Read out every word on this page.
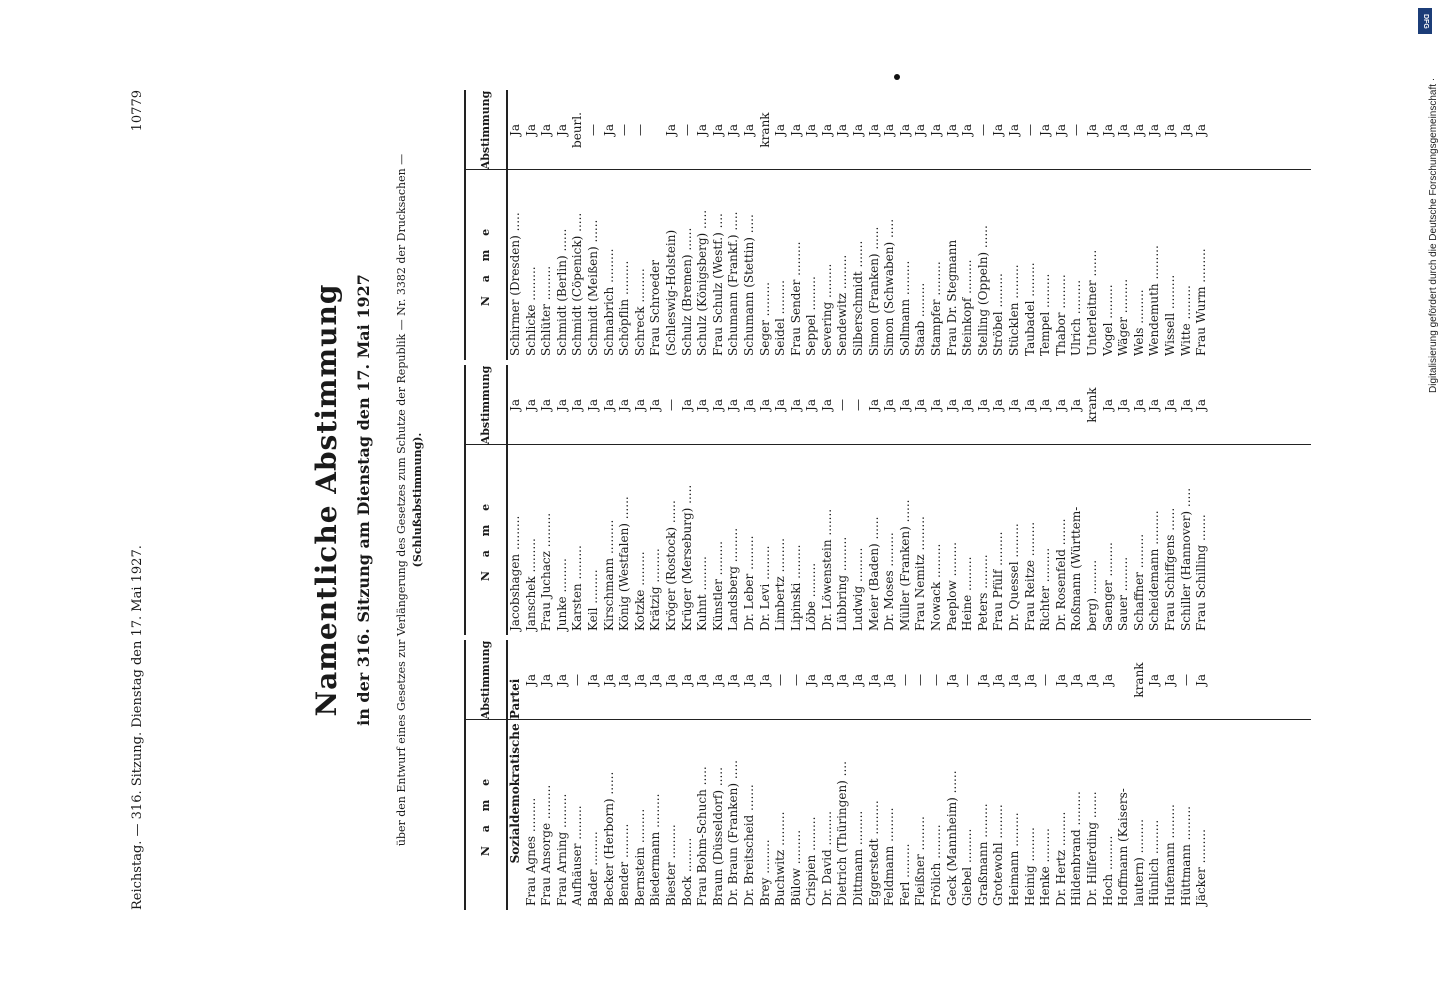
Reichstag. — 316. Sitzung. Dienstag den 17. Mai 1927.
10779
Namentliche Abstimmung in der 316. Sitzung am Dienstag den 17. Mai 1927 über den Entwurf eines Gesetzes zur Verlängerung des Gesetzes zum Schutze der Republik — Nr. 3382 der Drucksachen — (Schlußabstimmung).
N a m e
Abstimmung Sozialdemokratische Partei Frau Agnes .........
Ja
Frau Ansorge .........
Ja
Frau Arning .........
Ja
Aufhäuser .........
—
Bader .........
Ja
Becker (Herborn) ......
Ja
Bender .........
Ja
Bernstein .........
Ja
Biedermann .........
Ja
Biester .........
Ja
Bock .........
Ja
Frau Bohm-Schuch .....
Ja
Braun (Düsseldorf) .....
Ja
Dr. Braun (Franken) .....
Ja
Dr. Breitscheid .......
Ja
Brey .........
Ja
Buchwitz .........
—
Bülow .........
—
Crispien .........
Ja
Dr. David .........
Ja
Dietrich (Thüringen) ....
Ja
Dittmann .........
Ja
Eggerstedt .........
Ja
Feldmann .........
Ja
Ferl .........
—
Fleißner .........
—
Frölich .........
—
Geck (Mannheim) ......
Ja
Giebel .........
—
Graßmann .........
Ja
Grotewohl .........
Ja
Heimann .........
Ja
Heinig .........
Ja
Henke .........
—
Dr. Hertz .........
Ja
Hildenbrand .........
Ja
Dr. Hilferding .......
Ja
Hoch .........
Ja
Hoffmann (Kaisers- lautern) .........
krank
Hünlich .........
Ja
Hufemann .........
Ja
Hüttmann .........
—
Jäcker .........
Ja
N a m e
Abstimmung
Jacobshagen .........
Ja
Janschek .........
Ja
Frau Juchacz .........
Ja
Junke .........
Ja
Karsten .........
Ja
Keil .........
Ja
Kirschmann .........
Ja
König (Westfalen) ......
Ja
Kotzke .........
Ja
Krätzig .........
Ja
Kröger (Rostock) ......
—
Krüger (Merseburg) .....
Ja
Kuhnt .........
Ja
Künstler .........
Ja
Landsberg .........
Ja
Dr. Leber .........
Ja
Dr. Levi .........
Ja
Limbertz .........
Ja
Lipinski .........
Ja
Löbe .........
Ja
Dr. Löwenstein .......
Ja
Lübbring .........
—
Ludwig .........
—
Meier (Baden) ......
Ja
Dr. Moses .........
Ja
Müller (Franken) ......
Ja
Frau Nemitz .........
Ja
Nowack .........
Ja
Paeplow .........
Ja
Heine .........
Ja
Peters .........
Ja
Frau Pfülf .........
Ja
Dr. Quessel .........
Ja
Frau Reitze .........
Ja
Richter .........
Ja
Dr. Rosenfeld .......
Ja
Roßmann (Württem-
Ja
berg) .........
krank
Saenger .........
Ja
Sauer .........
Ja
Schaffner .........
Ja
Scheidemann .........
Ja
Frau Schiffgens ......
Ja
Schiller (Hannover) .....
Ja
Frau Schilling .......
Ja
N a m e
Abstimmung
Schirmer (Dresden) .....
Ja
Schlicke .........
Ja
Schlüter .........
Ja
Schmidt (Berlin) ......
Ja
Schmidt (Cöpenick) .....
beurl.
Schmidt (Meißen) ......
—
Schnabrich .........
Ja
Schöpflin .........
—
Schreck .........
—
Frau Schroeder (Schleswig-Holstein)
Ja
Schulz (Bremen) ......
—
Schulz (Königsberg) .....
Ja
Frau Schulz (Westf.) ....
Ja
Schumann (Frankf.) .....
Ja
Schumann (Stettin) .....
Ja
Seger .........
krank
Seidel .........
Ja
Frau Sender .........
Ja
Seppel .........
Ja
Severing .........
Ja
Sendewitz .........
Ja
Silberschmidt .......
Ja
Simon (Franken) ......
Ja
Simon (Schwaben) .....
Ja
Sollmann .........
Ja
Staab .........
Ja
Stampfer .........
Ja
Frau Dr. Stegmann
Ja
Steinkopf .........
Ja
Stelling (Oppeln) ......
—
Ströbel .........
Ja
Stücklen .........
Ja
Taubadel .........
—
Tempel .........
Ja
Thabor .........
Ja
Ulrich .........
—
Unterleitner .......
Ja
Vogel .........
Ja
Wäger .........
Ja
Wels .........
Ja
Wendemuth .........
Ja
Wissell .........
Ja
Witte .........
Ja
Frau Wurm .........
Ja
DFG
Digitalisierung gefördert durch die Deutsche Forschungsgemeinschaft ·
